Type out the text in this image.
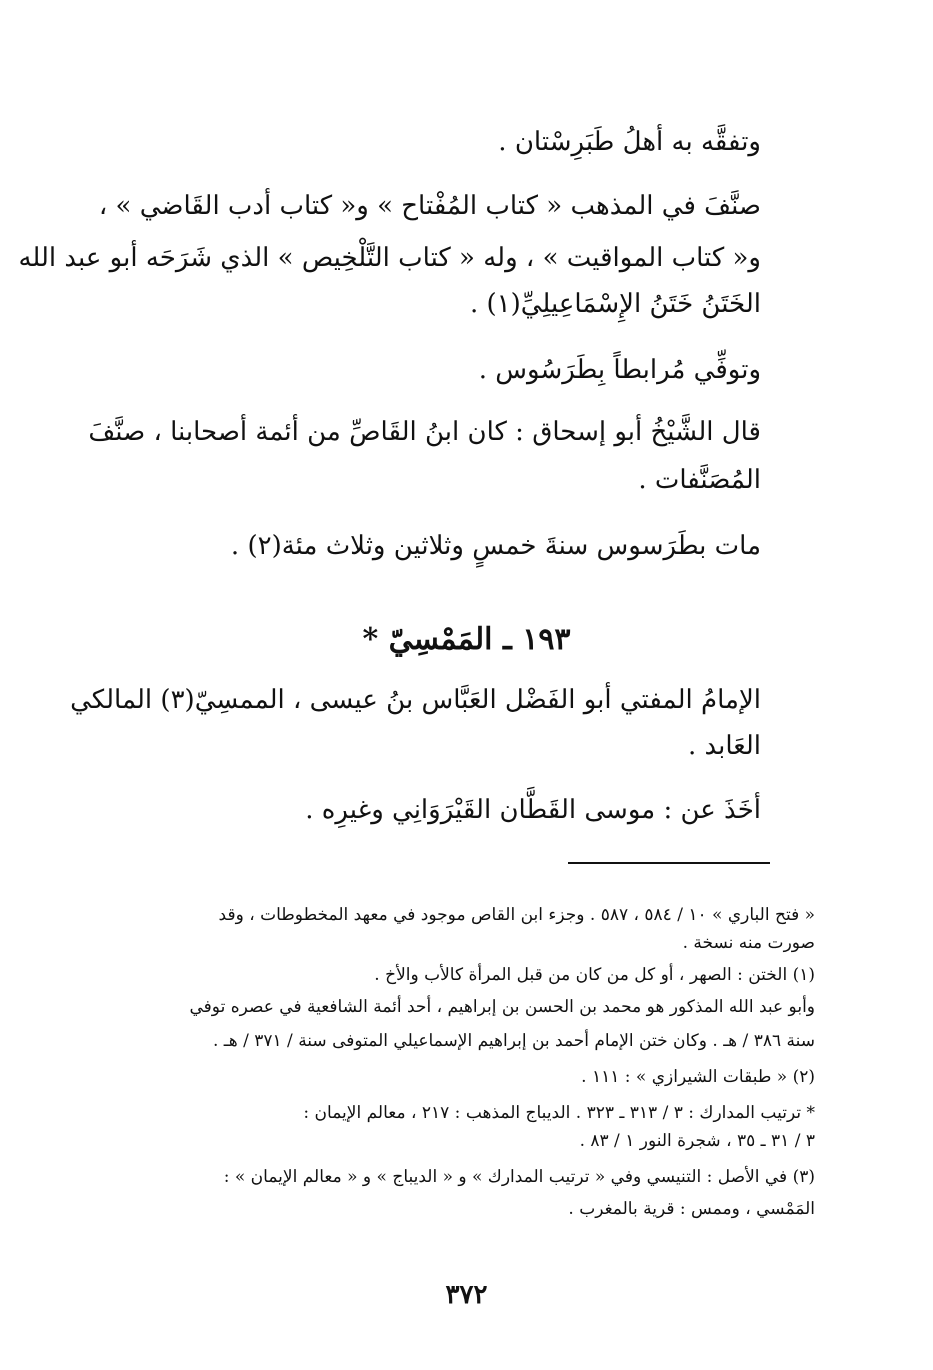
وتفقَّه به أهلُ طَبَرِسْتان .
صنَّفَ في المذهب « كتاب المُفْتاح » و« كتاب أدب القَاضي » ،
و« كتاب المواقيت » ، وله « كتاب التَّلْخِيص » الذي شَرَحَه أبو عبد الله
الخَتَنُ خَتَنُ الإِسْمَاعِيلِيِّ(١) .
وتوفِّي مُرابطاً بِطَرَسُوس .
قال الشَّيْخُ أبو إسحاق : كان ابنُ القَاصِّ من أئمة أصحابنا ، صنَّفَ
المُصَنَّفات .
مات بطَرَسوس سنةَ خمسٍ وثلاثين وثلاث مئة(٢) .
١٩٣ ـ المَمْسِيّ *
الإمامُ المفتي أبو الفَضْل العَبَّاس بنُ عيسى ، الممسِيّ(٣) المالكي
العَابد .
أخَذَ عن : موسى القَطَّان القَيْرَوَانِي وغيرِه .
« فتح الباري » ١٠ / ٥٨٤ ، ٥٨٧ . وجزء ابن القاص موجود في معهد المخطوطات ، وقد
صورت منه نسخة .
(١) الختن : الصهر ، أو كل من كان من قبل المرأة كالأب والأخ .
وأبو عبد الله المذكور هو محمد بن الحسن بن إبراهيم ، أحد أئمة الشافعية في عصره توفي
سنة ٣٨٦ / هـ . وكان ختن الإمام أحمد بن إبراهيم الإسماعيلي المتوفى سنة / ٣٧١ / هـ .
(٢) « طبقات الشيرازي » : ١١١ .
* ترتيب المدارك : ٣ / ٣١٣ ـ ٣٢٣ . الديباج المذهب : ٢١٧ ، معالم الإيمان :
٣ / ٣١ ـ ٣٥ ، شجرة النور ١ / ٨٣ .
(٣) في الأصل : التنيسي وفي « ترتيب المدارك » و « الديباج » و « معالم الإيمان » :
المَمْسي ، وممس : قرية بالمغرب .
٣٧٢
